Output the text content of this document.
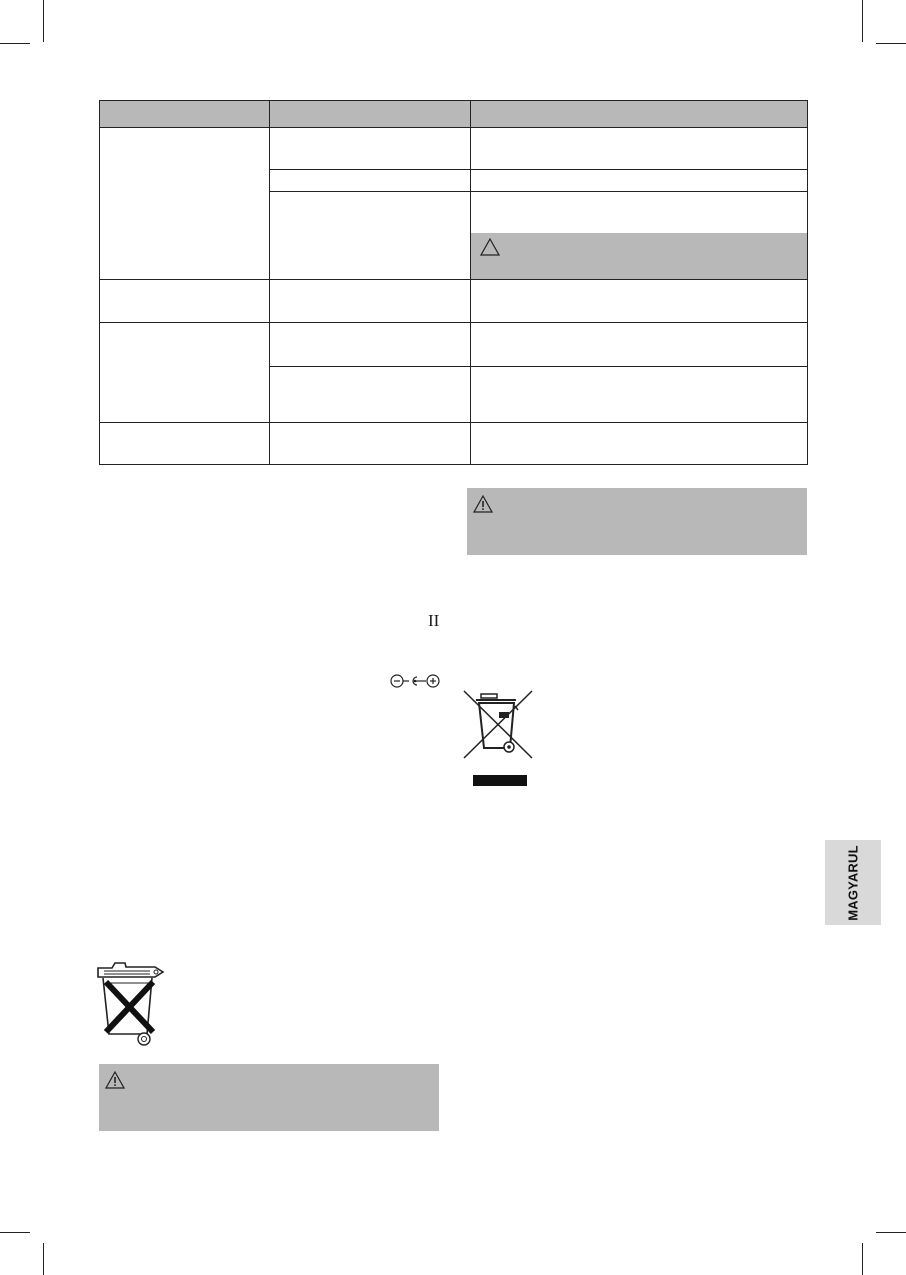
II
MAGYARUL
